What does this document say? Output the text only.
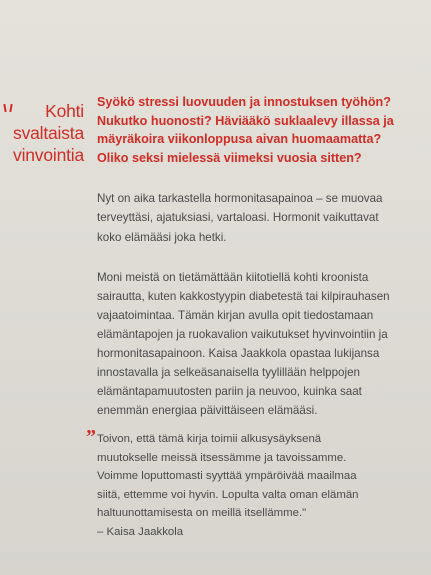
Kohti
svaltaista
vinvointia

Syökö stressi luovuuden ja innostuksen työhön?
Nukutko huonosti? Häviääkö suklaalevy illassa ja
mäyräkoira viikonloppusa aivan huomaamatta?
Oliko seksi mielessä viimeksi vuosia sitten?

Nyt on aika tarkastella hormonitasapainoa – se muovaa
terveyttäsi, ajatuksiasi, vartaloasi. Hormonit vaikuttavat
koko elämääsi joka hetki.

Moni meistä on tietämättään kiitotiellä kohti kroonista
sairautta, kuten kakkostyypin diabetestä tai kilpirauhasen
vajaatoimintaa. Tämän kirjan avulla opit tiedostamaan
elämäntapojen ja ruokavalion vaikutukset hyvinvointiin ja
hormonitasapainoon. Kaisa Jaakkola opastaa lukijansa
innostavalla ja selkeäsanaisella tyylillään helppojen
elämäntapamuutosten pariin ja neuvoo, kuinka saat
enemmän energiaa päivittäiseen elämääsi.

” Toivon, että tämä kirja toimii alkusysäyksenä
muutokselle meissä itsessämme ja tavoissamme.
Voimme loputtomasti syyttää ympäröivää maailmaa
siitä, ettemme voi hyvin. Lopulta valta oman elämän
haltuunottamisesta on meillä itsellämme."
– Kaisa Jaakkola
